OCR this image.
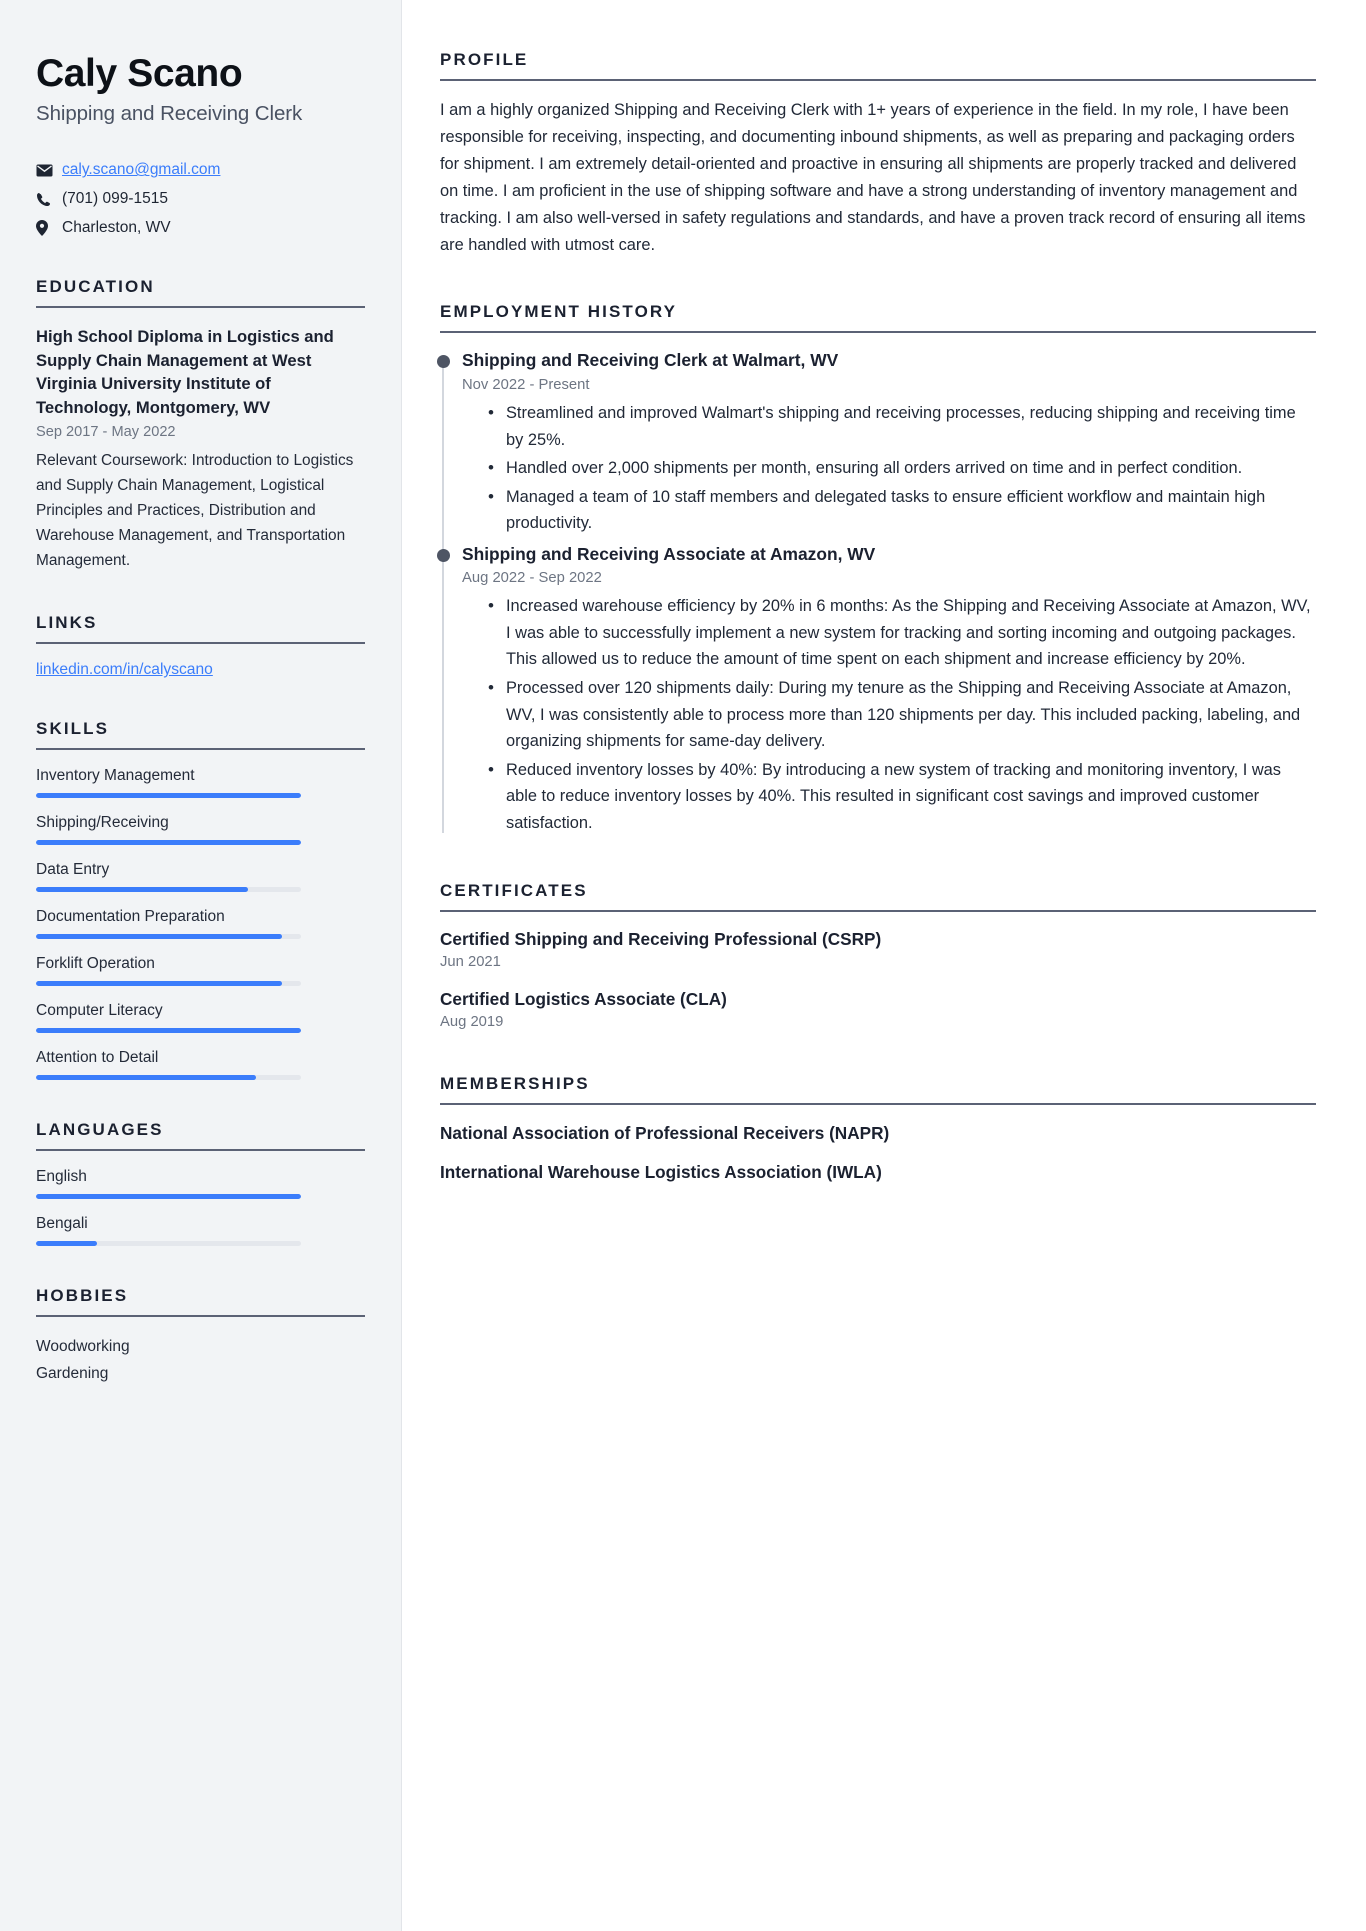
Caly Scano
Shipping and Receiving Clerk
caly.scano@gmail.com
(701) 099-1515
Charleston, WV
EDUCATION
High School Diploma in Logistics and Supply Chain Management at West Virginia University Institute of Technology, Montgomery, WV
Sep 2017 - May 2022
Relevant Coursework: Introduction to Logistics and Supply Chain Management, Logistical Principles and Practices, Distribution and Warehouse Management, and Transportation Management.
LINKS
linkedin.com/in/calyscano
SKILLS
Inventory Management
Shipping/Receiving
Data Entry
Documentation Preparation
Forklift Operation
Computer Literacy
Attention to Detail
LANGUAGES
English
Bengali
HOBBIES
Woodworking
Gardening
PROFILE

I am a highly organized Shipping and Receiving Clerk with 1+ years of experience in the field. In my role, I have been responsible for receiving, inspecting, and documenting inbound shipments, as well as preparing and packaging orders for shipment. I am extremely detail-oriented and proactive in ensuring all shipments are properly tracked and delivered on time. I am proficient in the use of shipping software and have a strong understanding of inventory management and tracking. I am also well-versed in safety regulations and standards, and have a proven track record of ensuring all items are handled with utmost care.

EMPLOYMENT HISTORY
Shipping and Receiving Clerk at Walmart, WV
Nov 2022 - Present
• Streamlined and improved Walmart's shipping and receiving processes, reducing shipping and receiving time by 25%.
• Handled over 2,000 shipments per month, ensuring all orders arrived on time and in perfect condition.
• Managed a team of 10 staff members and delegated tasks to ensure efficient workflow and maintain high productivity.
Shipping and Receiving Associate at Amazon, WV
Aug 2022 - Sep 2022
• Increased warehouse efficiency by 20% in 6 months: As the Shipping and Receiving Associate at Amazon, WV, I was able to successfully implement a new system for tracking and sorting incoming and outgoing packages. This allowed us to reduce the amount of time spent on each shipment and increase efficiency by 20%.
• Processed over 120 shipments daily: During my tenure as the Shipping and Receiving Associate at Amazon, WV, I was consistently able to process more than 120 shipments per day. This included packing, labeling, and organizing shipments for same-day delivery.
• Reduced inventory losses by 40%: By introducing a new system of tracking and monitoring inventory, I was able to reduce inventory losses by 40%. This resulted in significant cost savings and improved customer satisfaction.
CERTIFICATES
Certified Shipping and Receiving Professional (CSRP)
Jun 2021
Certified Logistics Associate (CLA)
Aug 2019
MEMBERSHIPS
National Association of Professional Receivers (NAPR)
International Warehouse Logistics Association (IWLA)
